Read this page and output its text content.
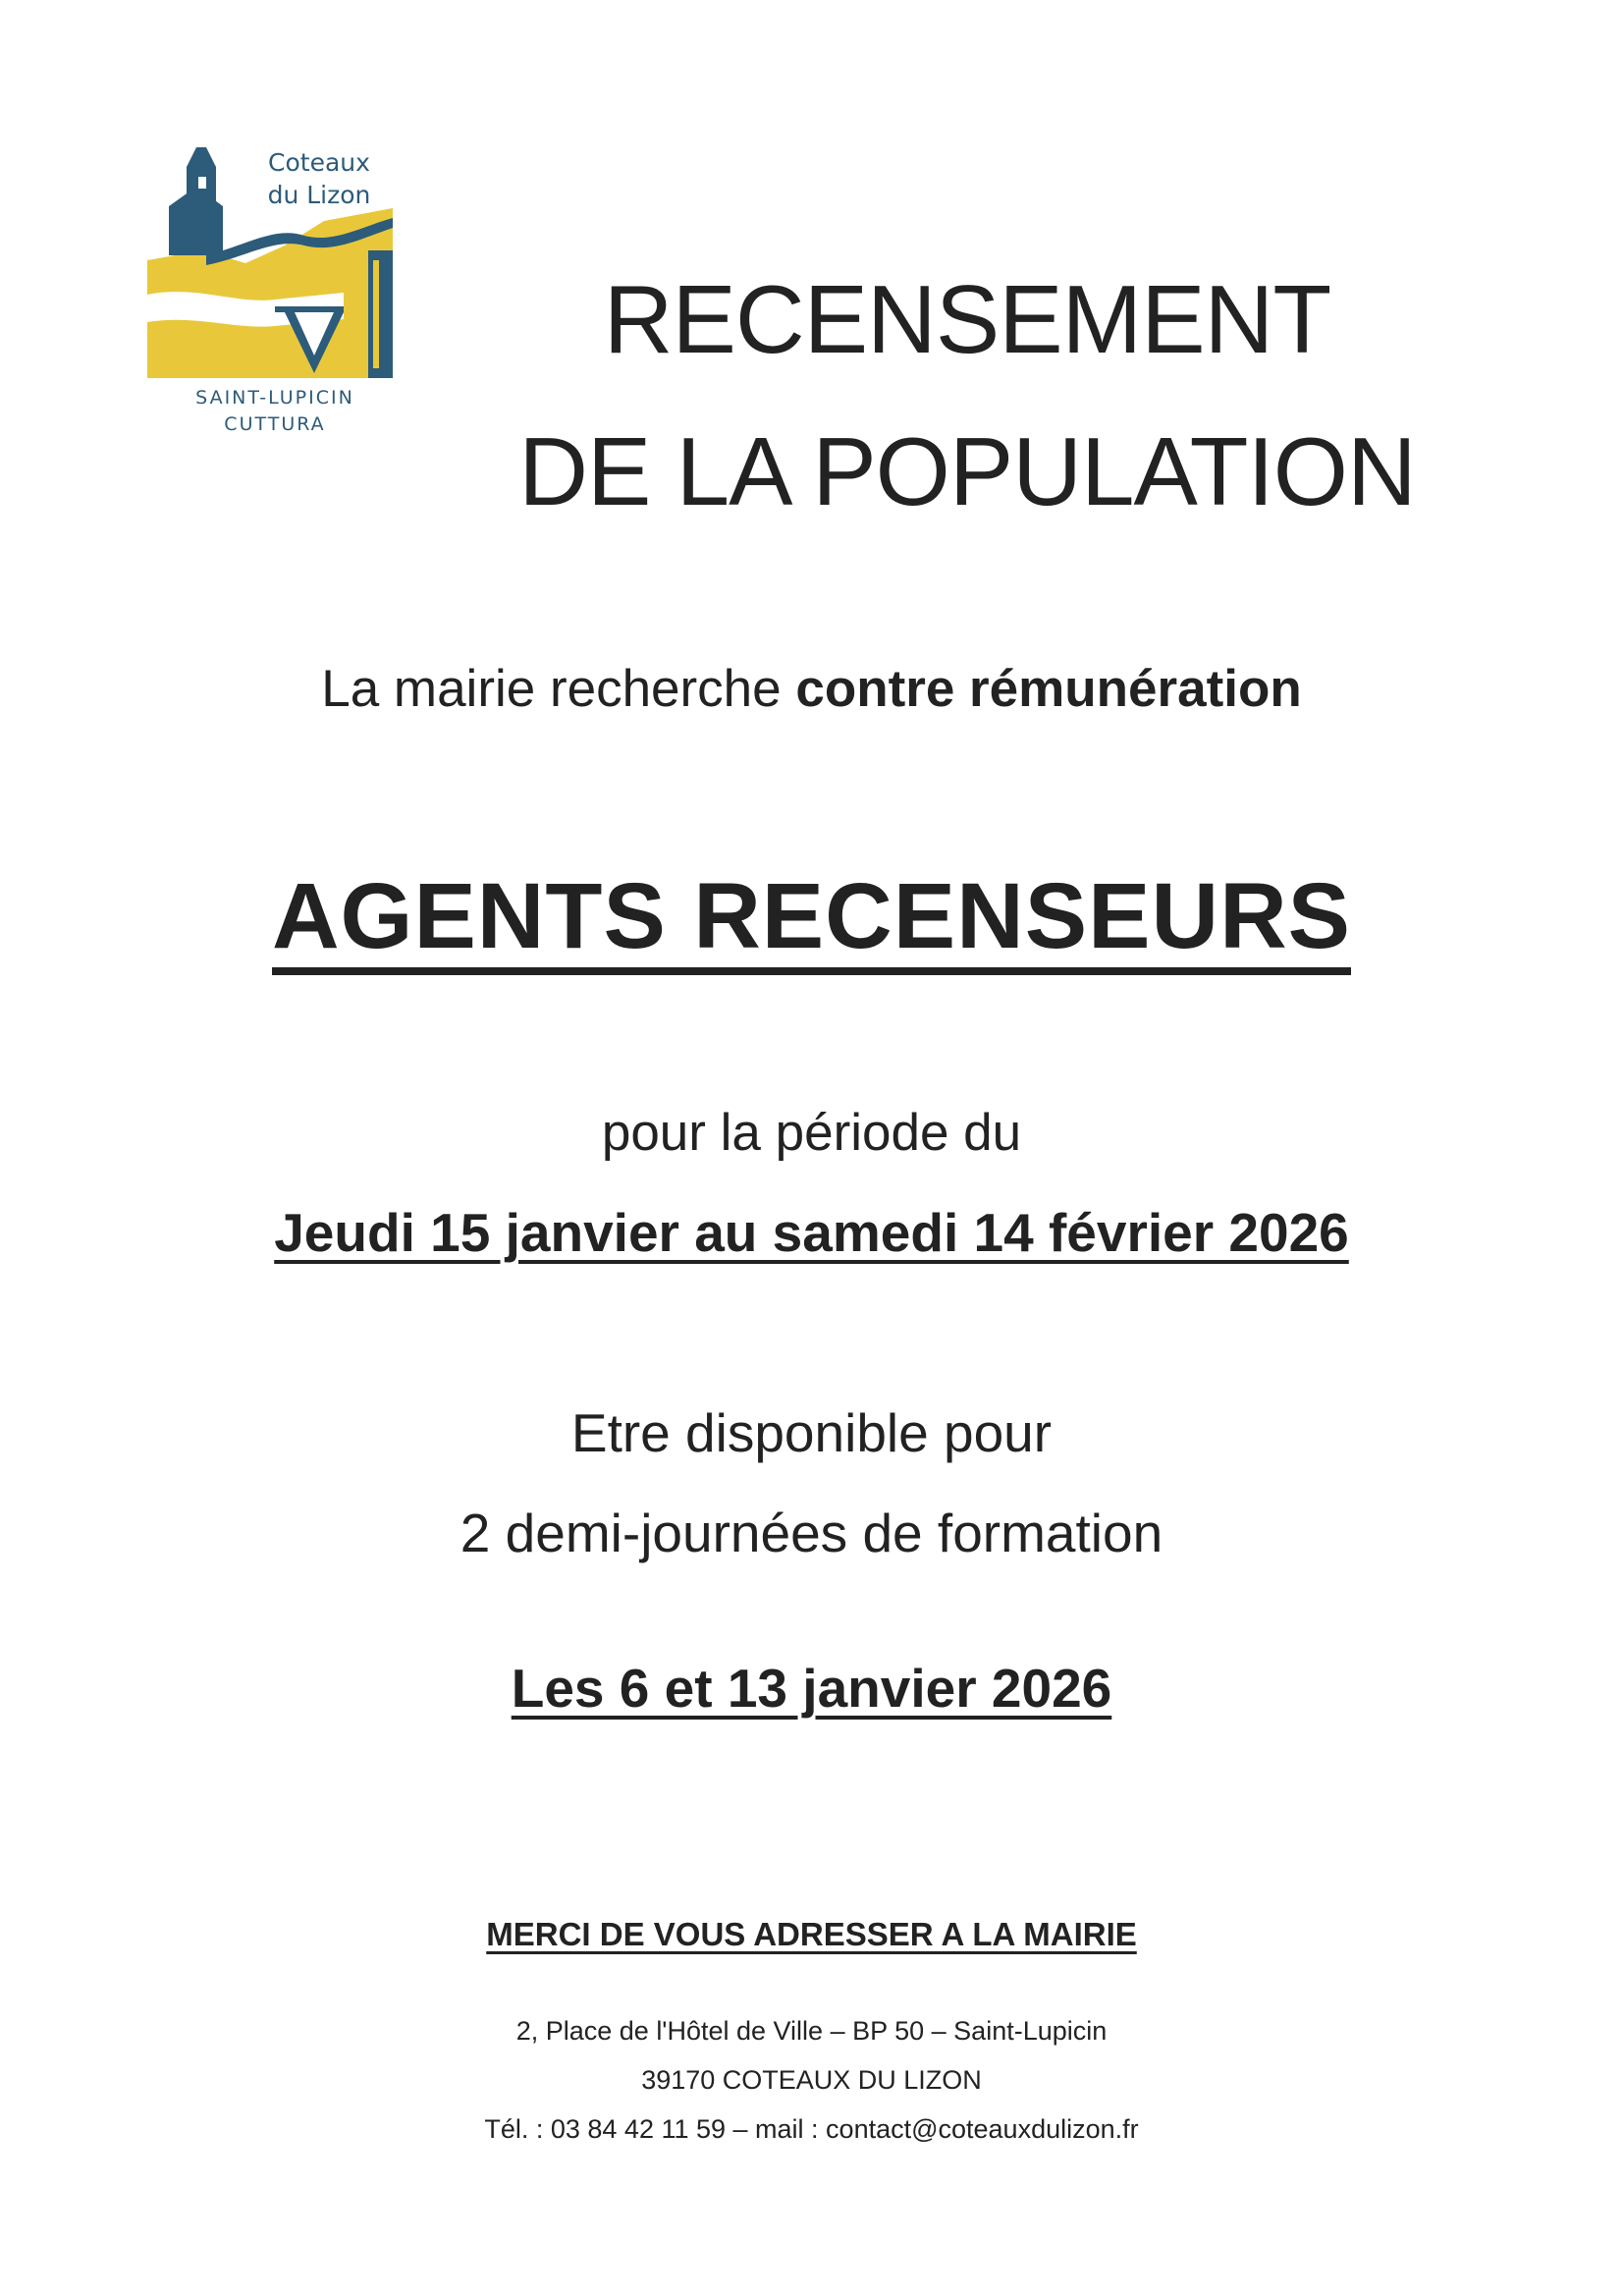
Coteaux
du Lizon
SAINT-LUPICIN
CUTTURA
RECENSEMENT
DE LA POPULATION
La mairie recherche contre rémunération
AGENTS RECENSEURS
pour la période du
Jeudi 15 janvier au samedi 14 février 2026
Etre disponible pour
2 demi-journées de formation
Les 6 et 13 janvier 2026
MERCI DE VOUS ADRESSER A LA MAIRIE
2, Place de l'Hôtel de Ville – BP 50 – Saint-Lupicin
39170 COTEAUX DU LIZON
Tél. : 03 84 42 11 59 – mail : contact@coteauxdulizon.fr
